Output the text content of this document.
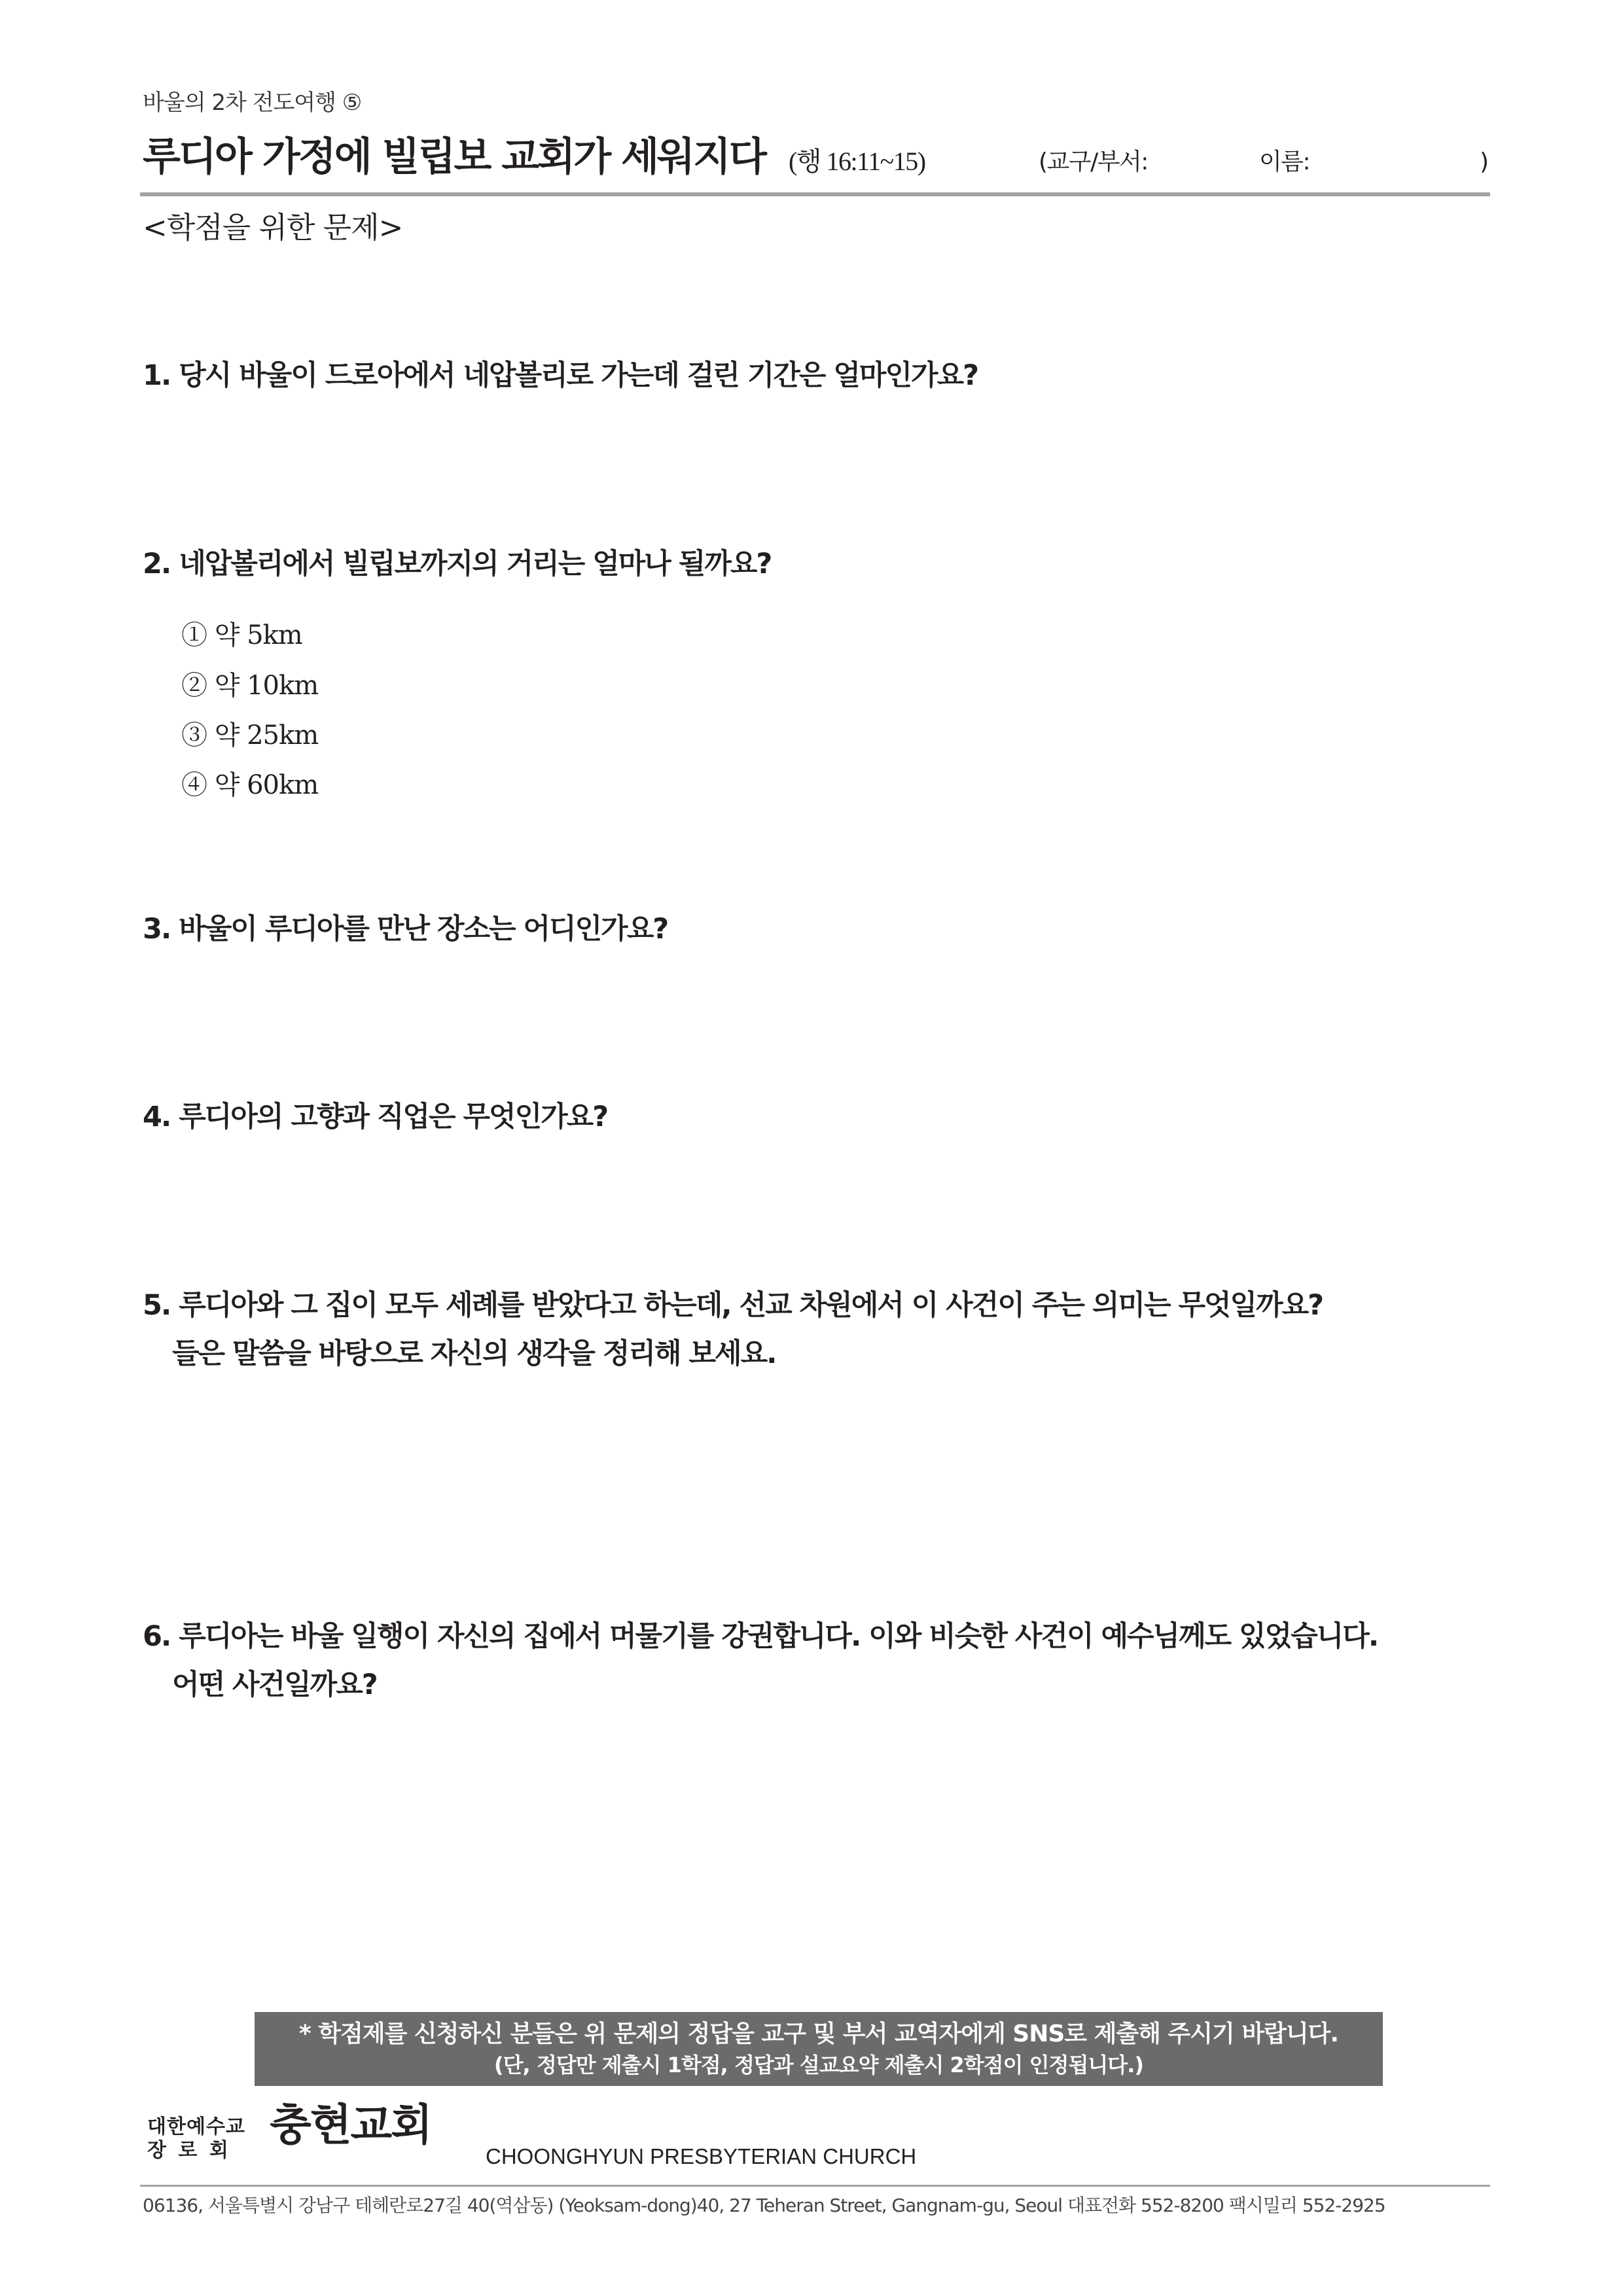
바울의 2차 전도여행 ⑤
루디아 가정에 빌립보 교회가 세워지다 (행 16:11~15)	(교구/부서:	이름:	)
<학점을 위한 문제>
1. 당시 바울이 드로아에서 네압볼리로 가는데 걸린 기간은 얼마인가요?
2. 네압볼리에서 빌립보까지의 거리는 얼마나 될까요?
① 약 5km
② 약 10km
③ 약 25km
④ 약 60km
3. 바울이 루디아를 만난 장소는 어디인가요?
4. 루디아의 고향과 직업은 무엇인가요?
5. 루디아와 그 집이 모두 세례를 받았다고 하는데, 선교 차원에서 이 사건이 주는 의미는 무엇일까요?
들은 말씀을 바탕으로 자신의 생각을 정리해 보세요.
6. 루디아는 바울 일행이 자신의 집에서 머물기를 강권합니다. 이와 비슷한 사건이 예수님께도 있었습니다.
어떤 사건일까요?
* 학점제를 신청하신 분들은 위 문제의 정답을 교구 및 부서 교역자에게 SNS로 제출해 주시기 바랍니다.
(단, 정답만 제출시 1학점, 정답과 설교요약 제출시 2학점이 인정됩니다.)
대한예수교
장 로 회
충현교회
CHOONGHYUN PRESBYTERIAN CHURCH
06136, 서울특별시 강남구 테헤란로27길 40(역삼동) (Yeoksam-dong)40, 27 Teheran Street, Gangnam-gu, Seoul 대표전화 552-8200 팩시밀리 552-2925
